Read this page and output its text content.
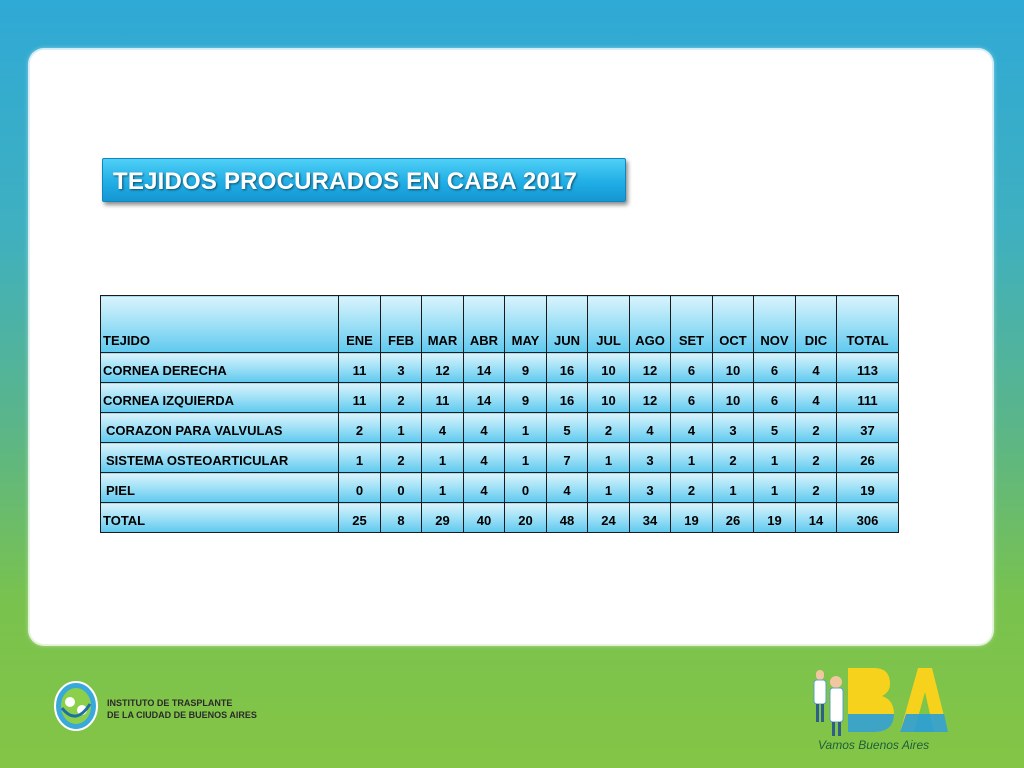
TEJIDOS PROCURADOS EN CABA 2017
TEJIDO	ENE	FEB	MAR	ABR	MAY	JUN	JUL	AGO	SET	OCT	NOV	DIC	TOTAL
CORNEA DERECHA	11	3	12	14	9	16	10	12	6	10	6	4	113
CORNEA IZQUIERDA	11	2	11	14	9	16	10	12	6	10	6	4	111
CORAZON PARA VALVULAS	2	1	4	4	1	5	2	4	4	3	5	2	37
SISTEMA OSTEOARTICULAR	1	2	1	4	1	7	1	3	1	2	1	2	26
PIEL	0	0	1	4	0	4	1	3	2	1	1	2	19
TOTAL	25	8	29	40	20	48	24	34	19	26	19	14	306
INSTITUTO DE TRASPLANTE
DE LA CIUDAD DE BUENOS AIRES
BA
Vamos Buenos Aires
